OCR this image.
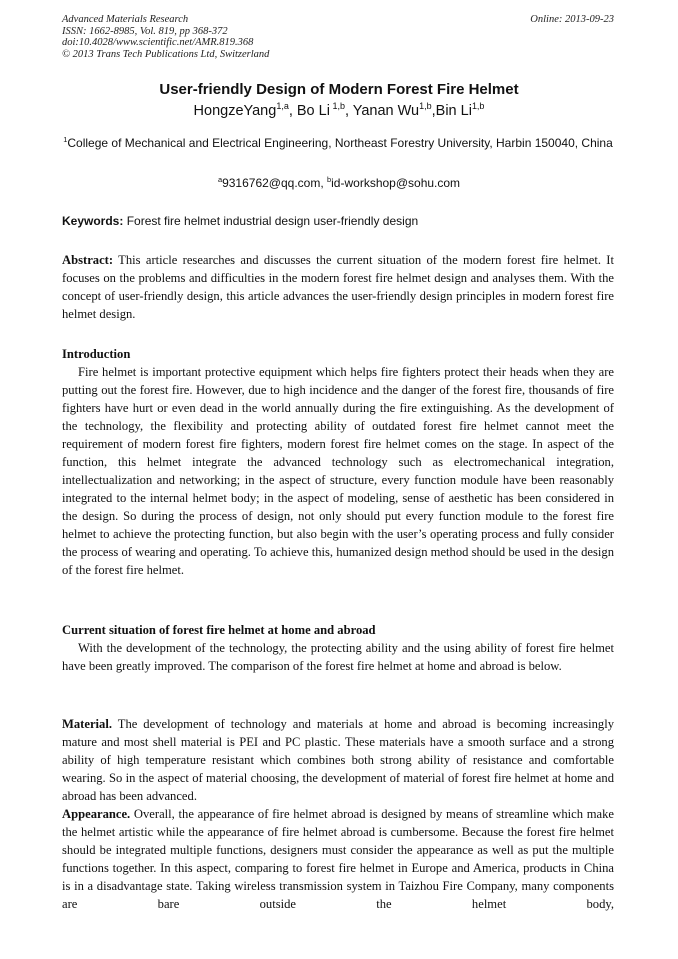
Advanced Materials Research
ISSN: 1662-8985, Vol. 819, pp 368-372
doi:10.4028/www.scientific.net/AMR.819.368
© 2013 Trans Tech Publications Ltd, Switzerland
Online: 2013-09-23
User-friendly Design of Modern Forest Fire Helmet
HongzeYang$^{1,a}$, Bo Li $^{1,b}$, Yanan Wu$^{1,b}$,Bin Li$^{1,b}$
$^1$College of Mechanical and Electrical Engineering, Northeast Forestry University, Harbin 150040, China
$^a$9316762@qq.com, $^b$id-workshop@sohu.com
Keywords: Forest fire helmet industrial design user-friendly design

Abstract: This article researches and discusses the current situation of the modern forest fire helmet. It focuses on the problems and difficulties in the modern forest fire helmet design and analyses them. With the concept of user-friendly design, this article advances the user-friendly design principles in modern forest fire helmet design.

Introduction

Fire helmet is important protective equipment which helps fire fighters protect their heads when they are putting out the forest fire. However, due to high incidence and the danger of the forest fire, thousands of fire fighters have hurt or even dead in the world annually during the fire extinguishing. As the development of the technology, the flexibility and protecting ability of outdated forest fire helmet cannot meet the requirement of modern forest fire fighters, modern forest fire helmet comes on the stage. In aspect of the function, this helmet integrate the advanced technology such as electromechanical integration, intellectualization and networking; in the aspect of structure, every function module have been reasonably integrated to the internal helmet body; in the aspect of modeling, sense of aesthetic has been considered in the design. So during the process of design, not only should put every function module to the forest fire helmet to achieve the protecting function, but also begin with the user’s operating process and fully consider the process of wearing and operating. To achieve this, humanized design method should be used in the design of the forest fire helmet.

Current situation of forest fire helmet at home and abroad

With the development of the technology, the protecting ability and the using ability of forest fire helmet have been greatly improved. The comparison of the forest fire helmet at home and abroad is below.

Material. The development of technology and materials at home and abroad is becoming increasingly mature and most shell material is PEI and PC plastic. These materials have a smooth surface and a strong ability of high temperature resistant which combines both strong ability of resistance and comfortable wearing. So in the aspect of material choosing, the development of material of forest fire helmet at home and abroad has been advanced.

Appearance. Overall, the appearance of fire helmet abroad is designed by means of streamline which make the helmet artistic while the appearance of fire helmet abroad is cumbersome. Because the forest fire helmet should be integrated multiple functions, designers must consider the appearance as well as put the multiple functions together. In this aspect, comparing to forest fire helmet in Europe and America, products in China is in a disadvantage state. Taking wireless transmission system in Taizhou Fire Company, many components are bare outside the helmet body,
